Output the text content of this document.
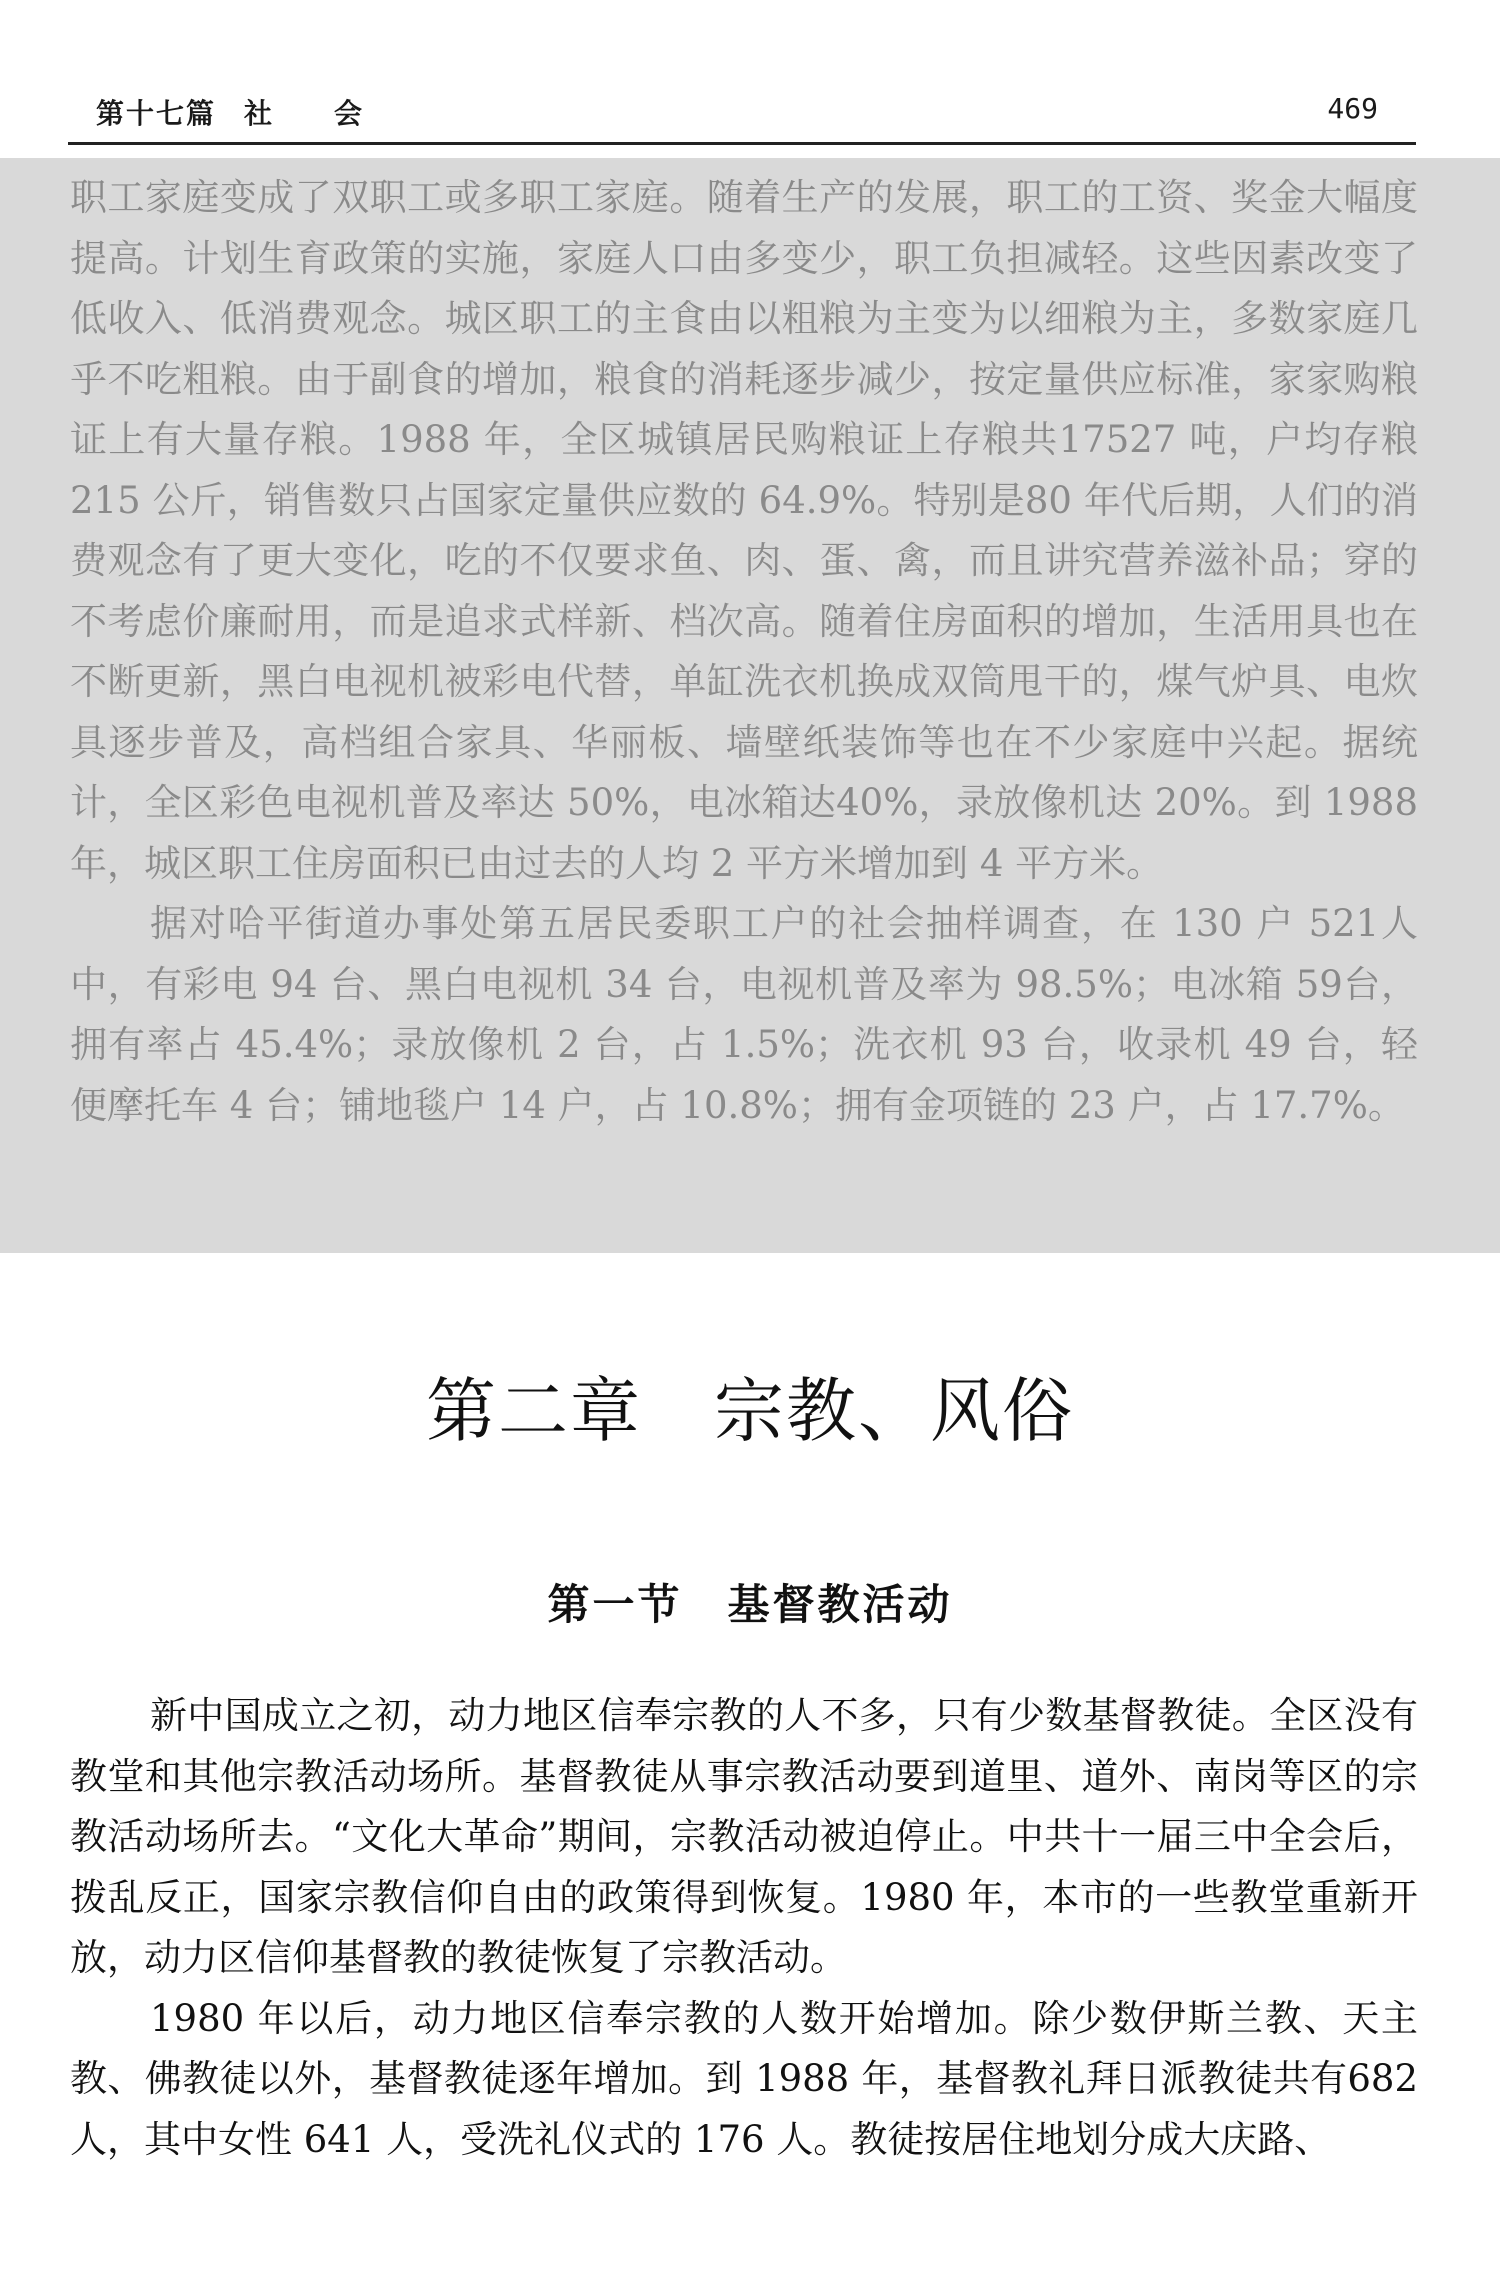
第十七篇 社 会	469

职工家庭变成了双职工或多职工家庭。随着生产的发展，职工的工资、奖金大幅度提高。计划生育政策的实施，家庭人口由多变少，职工负担减轻。这些因素改变了低收入、低消费观念。城区职工的主食由以粗粮为主变为以细粮为主，多数家庭几乎不吃粗粮。由于副食的增加，粮食的消耗逐步减少，按定量供应标准，家家购粮证上有大量存粮。1988 年，全区城镇居民购粮证上存粮共17527 吨，户均存粮 215 公斤，销售数只占国家定量供应数的 64.9%。特别是80 年代后期，人们的消费观念有了更大变化，吃的不仅要求鱼、肉、蛋、禽，而且讲究营养滋补品；穿的不考虑价廉耐用，而是追求式样新、档次高。随着住房面积的增加，生活用具也在不断更新，黑白电视机被彩电代替，单缸洗衣机换成双筒甩干的，煤气炉具、电炊具逐步普及，高档组合家具、华丽板、墙壁纸装饰等也在不少家庭中兴起。据统计，全区彩色电视机普及率达 50%，电冰箱达40%，录放像机达 20%。到 1988 年，城区职工住房面积已由过去的人均 2 平方米增加到 4 平方米。

据对哈平街道办事处第五居民委职工户的社会抽样调查，在 130 户 521人中，有彩电 94 台、黑白电视机 34 台，电视机普及率为 98.5%；电冰箱 59台，拥有率占 45.4%；录放像机 2 台，占 1.5%；洗衣机 93 台，收录机 49 台，轻便摩托车 4 台；铺地毯户 14 户，占 10.8%；拥有金项链的 23 户，占 17.7%。

第二章　宗教、风俗
第一节　基督教活动

新中国成立之初，动力地区信奉宗教的人不多，只有少数基督教徒。全区没有教堂和其他宗教活动场所。基督教徒从事宗教活动要到道里、道外、南岗等区的宗教活动场所去。“文化大革命”期间，宗教活动被迫停止。中共十一届三中全会后，拨乱反正，国家宗教信仰自由的政策得到恢复。1980 年，本市的一些教堂重新开放，动力区信仰基督教的教徒恢复了宗教活动。

1980 年以后，动力地区信奉宗教的人数开始增加。除少数伊斯兰教、天主教、佛教徒以外，基督教徒逐年增加。到 1988 年，基督教礼拜日派教徒共有682 人，其中女性 641 人，受洗礼仪式的 176 人。教徒按居住地划分成大庆路、
